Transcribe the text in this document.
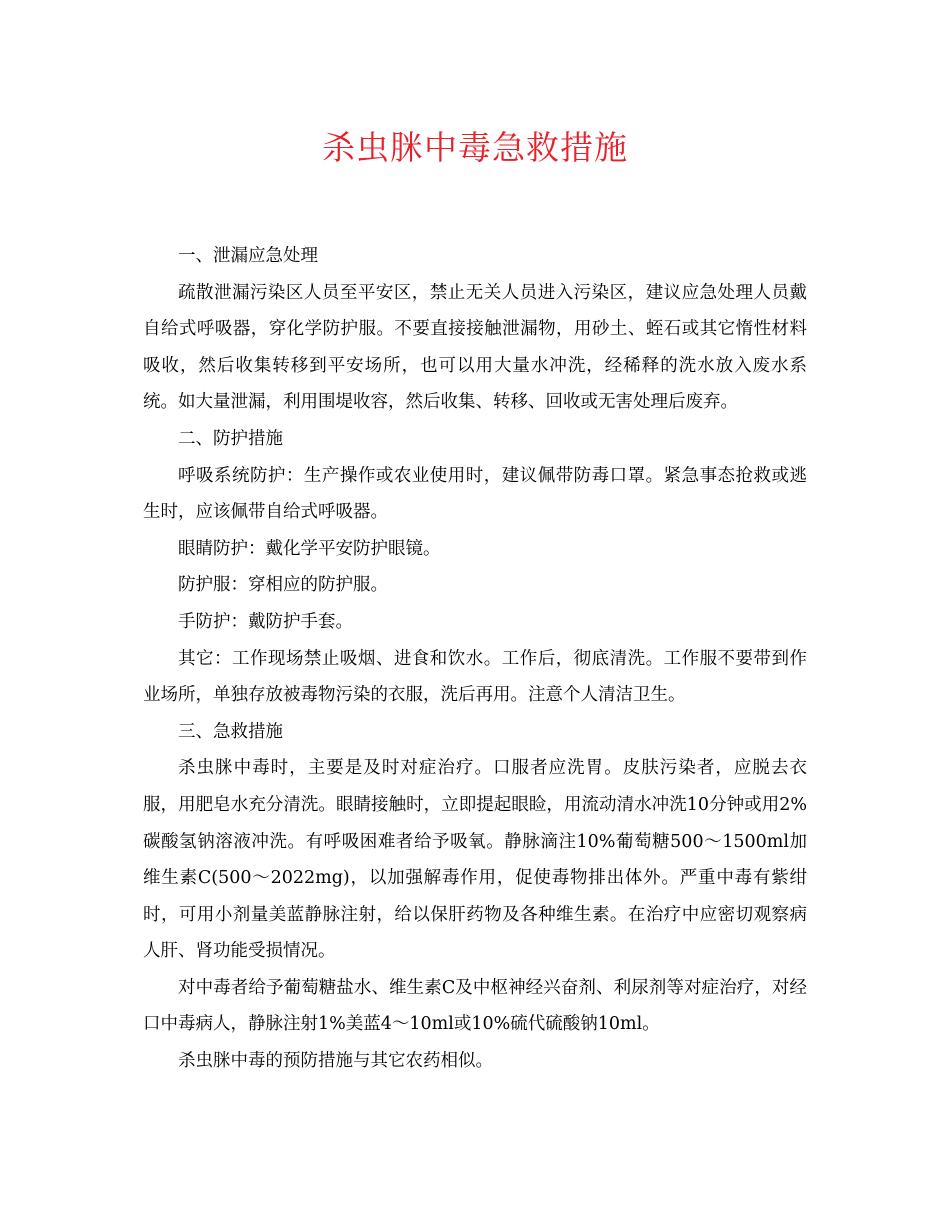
杀虫脒中毒急救措施

一、泄漏应急处理

疏散泄漏污染区人员至平安区，禁止无关人员进入污染区，建议应急处理人员戴自给式呼吸器，穿化学防护服。不要直接接触泄漏物，用砂土、蛭石或其它惰性材料吸收，然后收集转移到平安场所，也可以用大量水冲洗，经稀释的洗水放入废水系统。如大量泄漏，利用围堤收容，然后收集、转移、回收或无害处理后废弃。

二、防护措施

呼吸系统防护：生产操作或农业使用时，建议佩带防毒口罩。紧急事态抢救或逃生时，应该佩带自给式呼吸器。

眼睛防护：戴化学平安防护眼镜。

防护服：穿相应的防护服。

手防护：戴防护手套。

其它：工作现场禁止吸烟、进食和饮水。工作后，彻底清洗。工作服不要带到作业场所，单独存放被毒物污染的衣服，洗后再用。注意个人清洁卫生。

三、急救措施

杀虫脒中毒时，主要是及时对症治疗。口服者应洗胃。皮肤污染者，应脱去衣服，用肥皂水充分清洗。眼睛接触时，立即提起眼睑，用流动清水冲洗10分钟或用2%碳酸氢钠溶液冲洗。有呼吸困难者给予吸氧。静脉滴注10%葡萄糖500～1500ml加维生素C(500～2022mg)，以加强解毒作用，促使毒物排出体外。严重中毒有紫绀时，可用小剂量美蓝静脉注射，给以保肝药物及各种维生素。在治疗中应密切观察病人肝、肾功能受损情况。

对中毒者给予葡萄糖盐水、维生素C及中枢神经兴奋剂、利尿剂等对症治疗，对经口中毒病人，静脉注射1%美蓝4～10ml或10%硫代硫酸钠10ml。

杀虫脒中毒的预防措施与其它农药相似。
